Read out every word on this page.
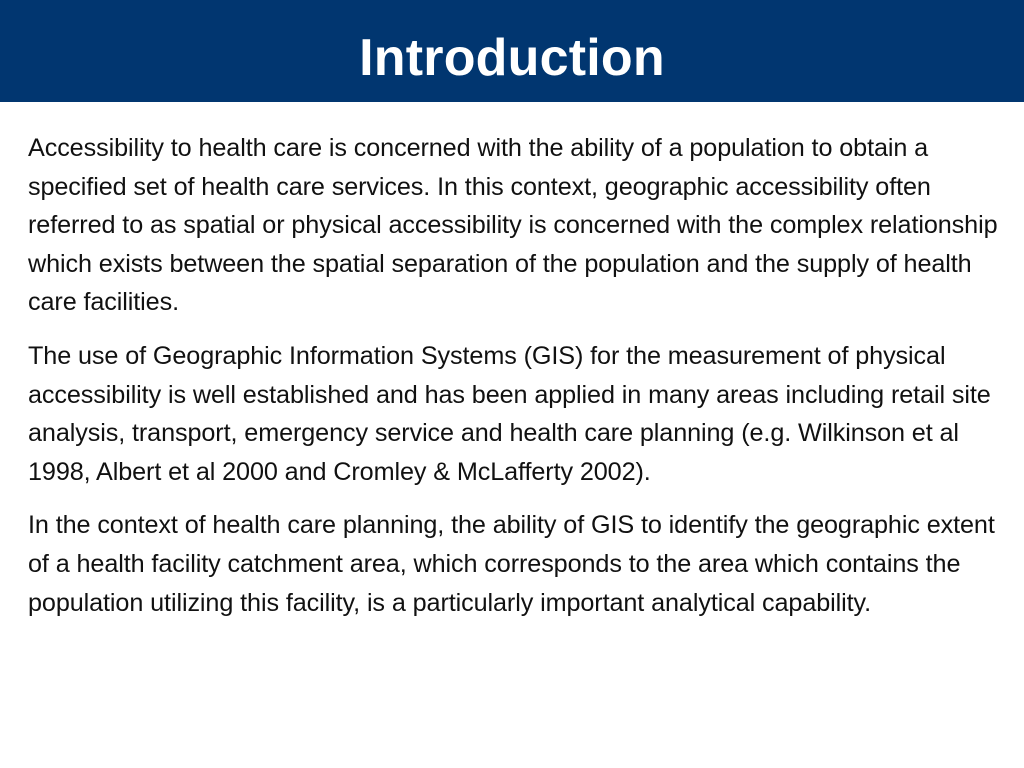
Introduction

Accessibility to health care is concerned with the ability of a population to obtain a specified set of health care services. In this context, geographic accessibility often referred to as spatial or physical accessibility is concerned with the complex relationship which exists between the spatial separation of the population and the supply of health care facilities.

The use of Geographic Information Systems (GIS) for the measurement of physical accessibility is well established and has been applied in many areas including retail site analysis, transport, emergency service and health care planning (e.g. Wilkinson et al 1998, Albert et al 2000 and Cromley & McLafferty 2002).

In the context of health care planning, the ability of GIS to identify the geographic extent of a health facility catchment area, which corresponds to the area which contains the population utilizing this facility, is a particularly important analytical capability.
